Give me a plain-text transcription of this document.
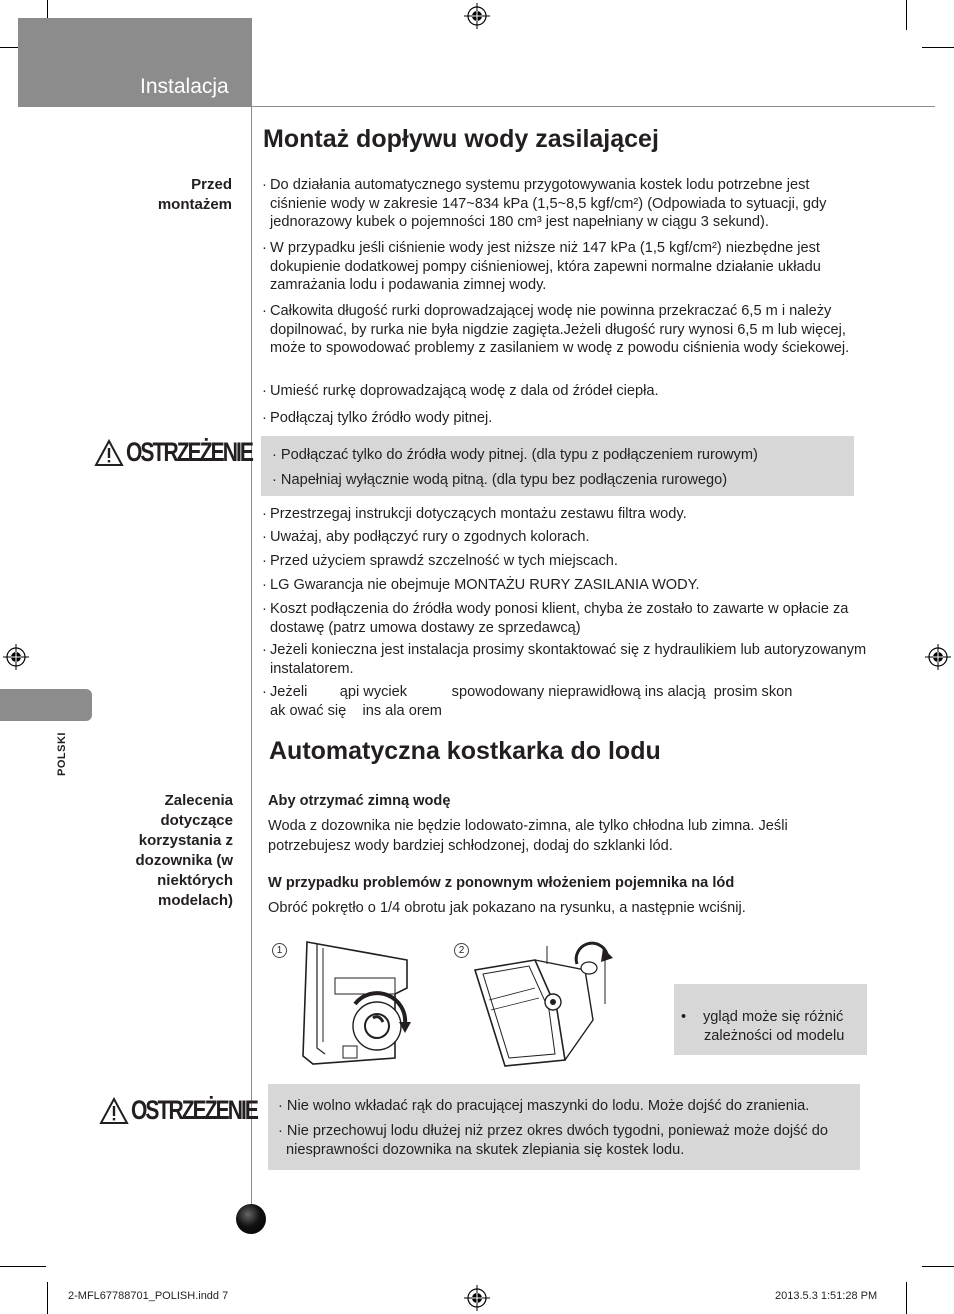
Instalacja
POLSKI
Montaż dopływu wody zasilającej
Przed
montażem
· Do działania automatycznego systemu przygotowywania kostek lodu potrzebne jest ciśnienie wody w zakresie 147~834 kPa (1,5~8,5 kgf/cm²) (Odpowiada to sytuacji, gdy jednorazowy kubek o pojemności 180 cm³ jest napełniany w ciągu 3 sekund).
· W przypadku jeśli ciśnienie wody jest niższe niż 147 kPa (1,5 kgf/cm²) niezbędne jest dokupienie dodatkowej pompy ciśnieniowej, która zapewni normalne działanie układu zamrażania lodu i podawania zimnej wody.
· Całkowita długość rurki doprowadzającej wodę nie powinna przekraczać 6,5 m i należy dopilnować, by rurka nie była nigdzie zagięta.Jeżeli długość rury wynosi 6,5 m lub więcej, może to spowodować problemy z zasilaniem w wodę z powodu ciśnienia wody ściekowej.
· Umieść rurkę doprowadzającą wodę z dala od źródeł ciepła.
· Podłączaj tylko źródło wody pitnej.
OSTRZEŻENIE · Podłączać tylko do źródła wody pitnej. (dla typu z podłączeniem rurowym)
· Napełniaj wyłącznie wodą pitną. (dla typu bez podłączenia rurowego)
· Przestrzegaj instrukcji dotyczących montażu zestawu filtra wody.
· Uważaj, aby podłączyć rury o zgodnych kolorach.
· Przed użyciem sprawdź szczelność w tych miejscach.
· LG Gwarancja nie obejmuje MONTAŻU RURY ZASILANIA WODY.
· Koszt podłączenia do źródła wody ponosi klient, chyba że zostało to zawarte w opłacie za dostawę (patrz umowa dostawy ze sprzedawcą)
· Jeżeli konieczna jest instalacja prosimy skontaktować się z hydraulikiem lub autoryzowanym instalatorem.
· Jeżeli        ąpi wyciek           spowodowany nieprawidłową ins alacją  prosim skon ak ować się    ins ala orem
Automatyczna kostkarka do lodu
Zalecenia
dotyczące
korzystania z
dozownika (w
niektórych
modelach)
Aby otrzymać zimną wodę
Woda z dozownika nie będzie lodowato-zimna, ale tylko chłodna lub zimna. Jeśli potrzebujesz wody bardziej schłodzonej, dodaj do szklanki lód.
W przypadku problemów z ponownym włożeniem pojemnika na lód
Obróć pokrętło o 1/4 obrotu jak pokazano na rysunku, a następnie wciśnij.
1	2
• ygląd może się różnić
zależności od modelu
OSTRZEŻENIE · Nie wolno wkładać rąk do pracującej maszynki do lodu. Może dojść do zranienia.
· Nie przechowuj lodu dłużej niż przez okres dwóch tygodni, ponieważ może dojść do niesprawności dozownika na skutek zlepiania się kostek lodu.
2-MFL67788701_POLISH.indd 7	2013.5.3 1:51:28 PM
